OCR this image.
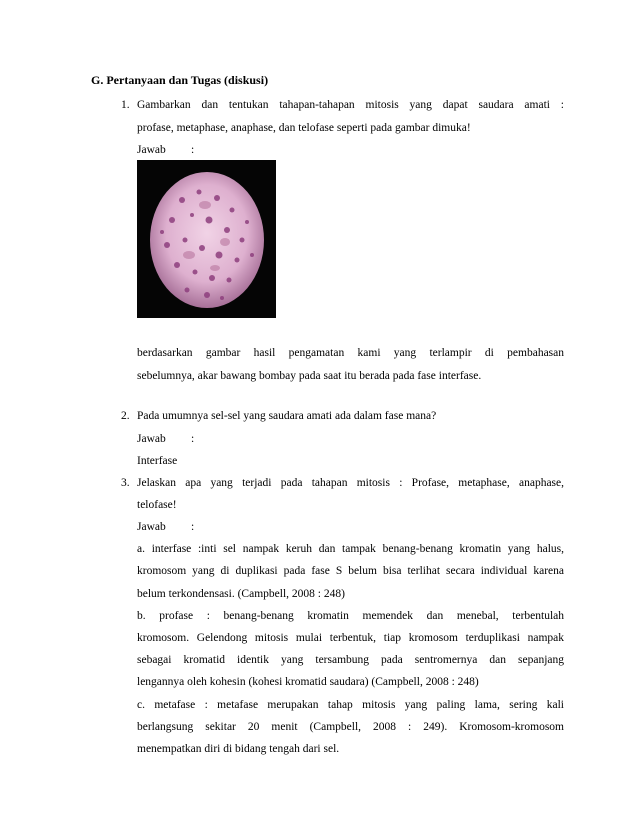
G. Pertanyaan dan Tugas (diskusi)
1. Gambarkan dan tentukan tahapan-tahapan mitosis yang dapat saudara amati :
profase, metaphase, anaphase, dan telofase seperti pada gambar dimuka!
Jawab :
berdasarkan gambar hasil pengamatan kami yang terlampir di pembahasan
sebelumnya, akar bawang bombay pada saat itu berada pada fase interfase.
2. Pada umumnya sel-sel yang saudara amati ada dalam fase mana?
Jawab :
Interfase
3. Jelaskan apa yang terjadi pada tahapan mitosis : Profase, metaphase, anaphase,
telofase!
Jawab :
a. interfase :inti sel nampak keruh dan tampak benang-benang kromatin yang halus,
kromosom yang di duplikasi pada fase S belum bisa terlihat secara individual karena
belum terkondensasi. (Campbell, 2008 : 248)
b. profase : benang-benang kromatin memendek dan menebal, terbentulah
kromosom. Gelendong mitosis mulai terbentuk, tiap kromosom terduplikasi nampak
sebagai kromatid identik yang tersambung pada sentromernya dan sepanjang
lengannya oleh kohesin (kohesi kromatid saudara) (Campbell, 2008 : 248)
c. metafase : metafase merupakan tahap mitosis yang paling lama, sering kali
berlangsung sekitar 20 menit (Campbell, 2008 : 249). Kromosom-kromosom
menempatkan diri di bidang tengah dari sel.
